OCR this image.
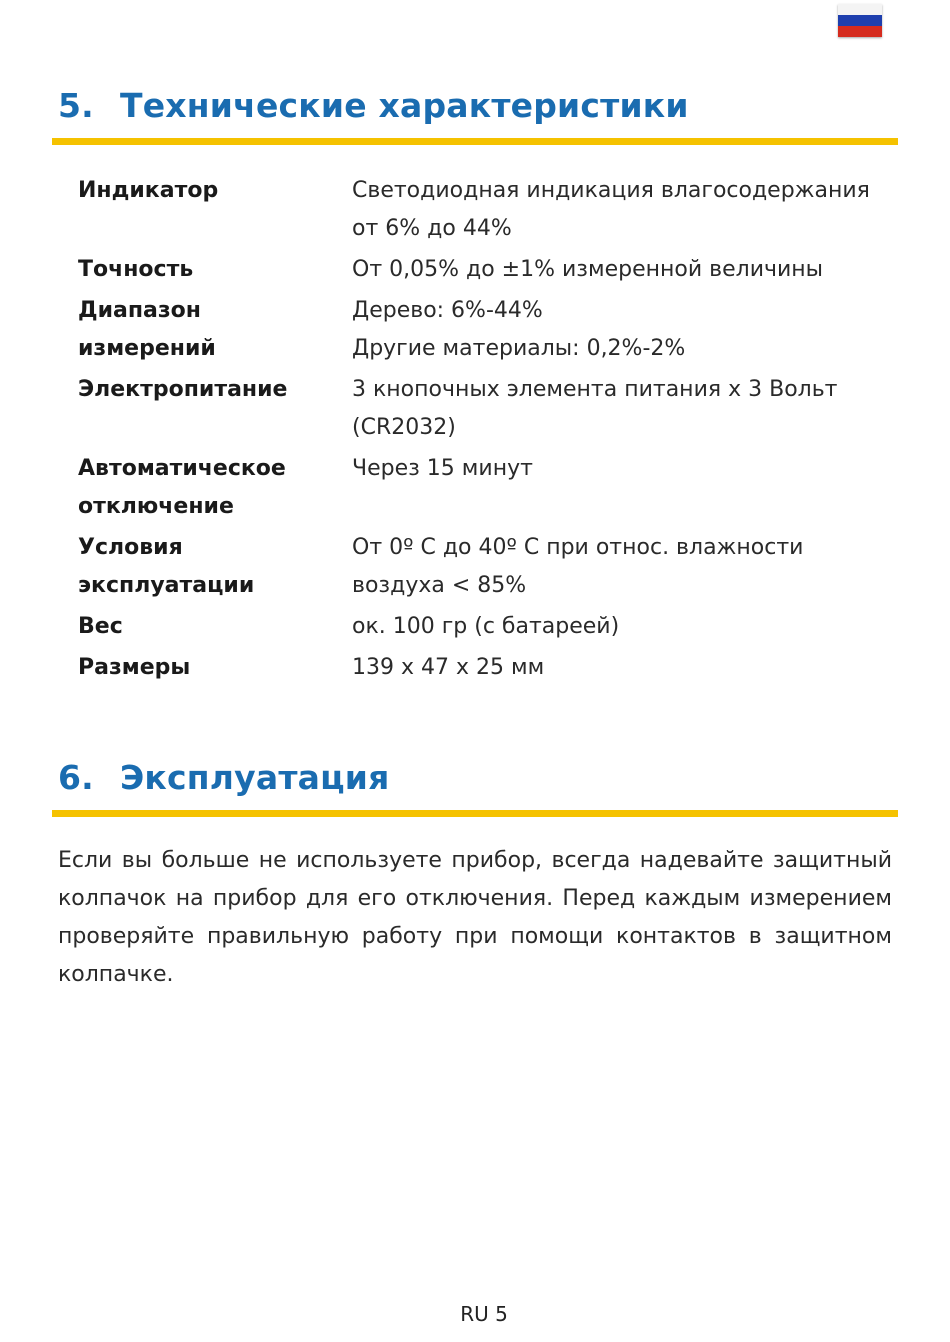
5. Технические характеристики
Индикатор	Светодиодная индикация влагосодержания
от 6% до 44%

Точность	От 0,05% до ±1% измеренной величины

Диапазон
измерений	Дерево: 6%-44%
Другие материалы: 0,2%-2%

Электропитание	3 кнопочных элемента питания х 3 Вольт
(CR2032)

Автоматическое
отключение	Через 15 минут

Условия
эксплуатации	От 0º C до 40º C при относ. влажности
воздуха < 85%

Вес	ок. 100 гр (с батареей)

Размеры	139 х 47 х 25 мм
6. Эксплуатация

Если вы больше не используете прибор, всегда надевайте защитный колпачок на прибор для его отключения. Перед каждым измерением проверяйте правильную работу при помощи контактов в защитном колпачке.

RU 5
